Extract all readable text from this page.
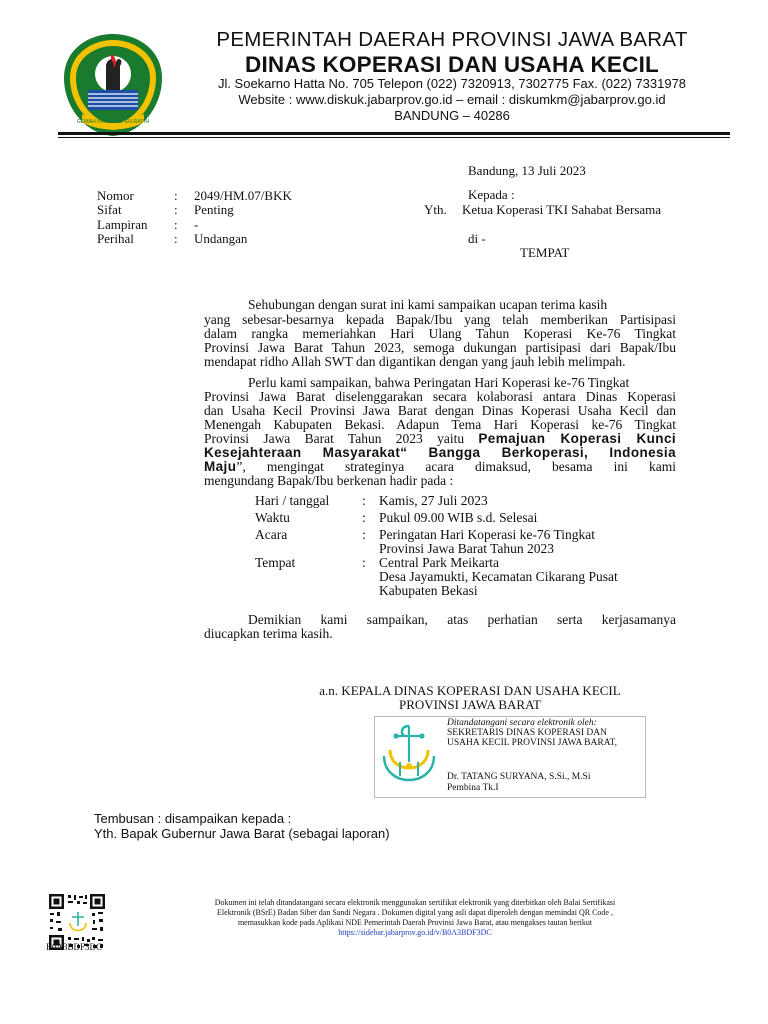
GEMAH RIPAH REPEH RAPIH
PEMERINTAH DAERAH PROVINSI JAWA BARAT
DINAS KOPERASI DAN USAHA KECIL
Jl. Soekarno Hatta No. 705 Telepon (022) 7320913, 7302775 Fax. (022) 7331978
Website : www.diskuk.jabarprov.go.id – email : diskumkm@jabarprov.go.id
BANDUNG – 40286
Bandung, 13 Juli 2023
Nomor	: 2049/HM.07/BKK
Sifat	: Penting
Lampiran : -
Perihal	: Undangan
Kepada :
Yth. Ketua Koperasi TKI Sahabat Bersama
di -
TEMPAT
Sehubungan dengan surat ini kami sampaikan ucapan terima kasih
yang sebesar-besarnya kepada Bapak/Ibu yang telah memberikan Partisipasi
dalam rangka memeriahkan Hari Ulang Tahun Koperasi Ke-76 Tingkat
Provinsi Jawa Barat Tahun 2023, semoga dukungan partisipasi dari Bapak/Ibu
mendapat ridho Allah SWT dan digantikan dengan yang jauh lebih melimpah.
Perlu kami sampaikan, bahwa Peringatan Hari Koperasi ke-76 Tingkat
Provinsi Jawa Barat diselenggarakan secara kolaborasi antara Dinas Koperasi
dan Usaha Kecil Provinsi Jawa Barat dengan Dinas Koperasi Usaha Kecil dan
Menengah Kabupaten Bekasi. Adapun Tema Hari Koperasi ke-76 Tingkat
Provinsi Jawa Barat Tahun 2023 yaitu Pemajuan Koperasi Kunci
Kesejahteraan Masyarakat“ Bangga Berkoperasi, Indonesia
Maju”, mengingat strateginya acara dimaksud, besama ini kami
mengundang Bapak/Ibu berkenan hadir pada :
Hari / tanggal : Kamis, 27 Juli 2023
Waktu	: Pukul 09.00 WIB s.d. Selesai
Acara	: Peringatan Hari Koperasi ke-76 Tingkat
Provinsi Jawa Barat Tahun 2023
Tempat	: Central Park Meikarta
Desa Jayamukti, Kecamatan Cikarang Pusat
Kabupaten Bekasi
Demikian kami sampaikan, atas perhatian serta kerjasamanya
diucapkan terima kasih.
a.n. KEPALA DINAS KOPERASI DAN USAHA KECIL
PROVINSI JAWA BARAT
Ditandatangani secara elektronik oleh:
SEKRETARIS DINAS KOPERASI DAN
USAHA KECIL PROVINSI JAWA BARAT,
Dr. TATANG SURYANA, S.Si., M.Si
Pembina Tk.I
Tembusan : disampaikan kepada :
Yth. Bapak Gubernur Jawa Barat (sebagai laporan)
B0A3BDF3DC
Dokumen ini telah ditandatangani secara elektronik menggunakan sertifikat elektronik yang diterbitkan oleh Balai Sertifikasi
Elektronik (BSrE) Badan Siber dan Sandi Negara . Dokumen digital yang asli dapat diperoleh dengan memindai QR Code ,
memasukkan kode pada Aplikasi NDE Pemerintah Daerah Provinsi Jawa Barat, atau mengakses tautan berikut
https://sidebar.jabarprov.go.id/v/B0A3BDF3DC
